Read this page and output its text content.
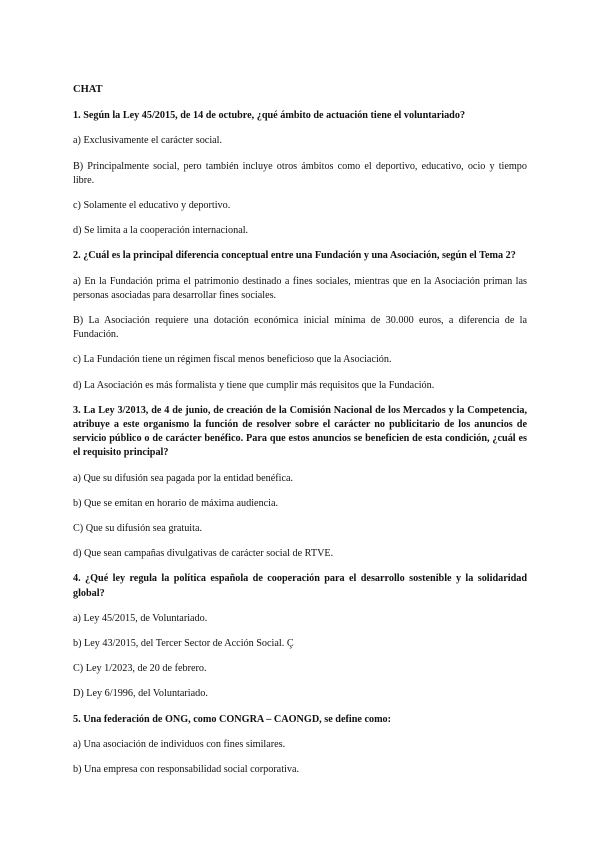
CHAT

1. Según la Ley 45/2015, de 14 de octubre, ¿qué ámbito de actuación tiene el voluntariado?

a) Exclusivamente el carácter social.

B) Principalmente social, pero también incluye otros ámbitos como el deportivo, educativo, ocio y tiempo libre.

c) Solamente el educativo y deportivo.

d) Se limita a la cooperación internacional.

2. ¿Cuál es la principal diferencia conceptual entre una Fundación y una Asociación, según el Tema 2?

a) En la Fundación prima el patrimonio destinado a fines sociales, mientras que en la Asociación priman las personas asociadas para desarrollar fines sociales.

B) La Asociación requiere una dotación económica inicial mínima de 30.000 euros, a diferencia de la Fundación.

c) La Fundación tiene un régimen fiscal menos beneficioso que la Asociación.

d) La Asociación es más formalista y tiene que cumplir más requisitos que la Fundación.

3. La Ley 3/2013, de 4 de junio, de creación de la Comisión Nacional de los Mercados y la Competencia, atribuye a este organismo la función de resolver sobre el carácter no publicitario de los anuncios de servicio público o de carácter benéfico. Para que estos anuncios se beneficien de esta condición, ¿cuál es el requisito principal?

a) Que su difusión sea pagada por la entidad benéfica.

b) Que se emitan en horario de máxima audiencia.

C) Que su difusión sea gratuita.

d) Que sean campañas divulgativas de carácter social de RTVE.

4. ¿Qué ley regula la política española de cooperación para el desarrollo sostenible y la solidaridad global?

a) Ley 45/2015, de Voluntariado.

b) Ley 43/2015, del Tercer Sector de Acción Social. Ç

C) Ley 1/2023, de 20 de febrero.

D) Ley 6/1996, del Voluntariado.

5. Una federación de ONG, como CONGRA – CAONGD, se define como:

a) Una asociación de individuos con fines similares.

b) Una empresa con responsabilidad social corporativa.
